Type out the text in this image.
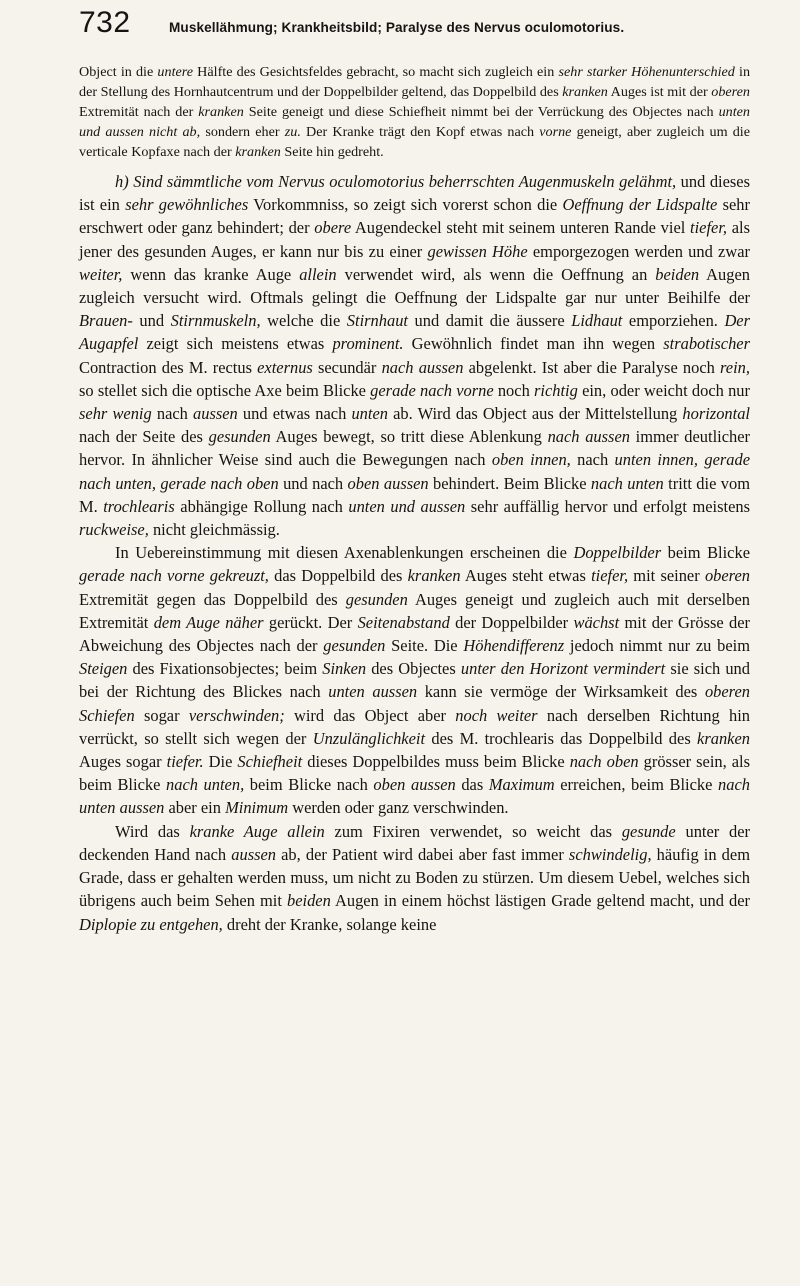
732	Muskellähmung; Krankheitsbild; Paralyse des Nervus oculomotorius.

Object in die untere Hälfte des Gesichtsfeldes gebracht, so macht sich zugleich ein sehr starker Höhenunterschied in der Stellung des Hornhautcentrum und der Doppelbilder geltend, das Doppelbild des kranken Auges ist mit der oberen Extremität nach der kranken Seite geneigt und diese Schiefheit nimmt bei der Verrückung des Objectes nach unten und aussen nicht ab, sondern eher zu. Der Kranke trägt den Kopf etwas nach vorne geneigt, aber zugleich um die verticale Kopfaxe nach der kranken Seite hin gedreht.

h) Sind sämmtliche vom Nervus oculomotorius beherrschten Augenmuskeln gelähmt, und dieses ist ein sehr gewöhnliches Vorkommniss, so zeigt sich vorerst schon die Oeffnung der Lidspalte sehr erschwert oder ganz behindert; der obere Augendeckel steht mit seinem unteren Rande viel tiefer, als jener des gesunden Auges, er kann nur bis zu einer gewissen Höhe emporgezogen werden und zwar weiter, wenn das kranke Auge allein verwendet wird, als wenn die Oeffnung an beiden Augen zugleich versucht wird. Oftmals gelingt die Oeffnung der Lidspalte gar nur unter Beihilfe der Brauen- und Stirnmuskeln, welche die Stirnhaut und damit die äussere Lidhaut emporziehen. Der Augapfel zeigt sich meistens etwas prominent. Gewöhnlich findet man ihn wegen strabotischer Contraction des M. rectus externus secundär nach aussen abgelenkt. Ist aber die Paralyse noch rein, so stellet sich die optische Axe beim Blicke gerade nach vorne noch richtig ein, oder weicht doch nur sehr wenig nach aussen und etwas nach unten ab. Wird das Object aus der Mittelstellung horizontal nach der Seite des gesunden Auges bewegt, so tritt diese Ablenkung nach aussen immer deutlicher hervor. In ähnlicher Weise sind auch die Bewegungen nach oben innen, nach unten innen, gerade nach unten, gerade nach oben und nach oben aussen behindert. Beim Blicke nach unten tritt die vom M. trochlearis abhängige Rollung nach unten und aussen sehr auffällig hervor und erfolgt meistens ruckweise, nicht gleichmässig.

In Uebereinstimmung mit diesen Axenablenkungen erscheinen die Doppelbilder beim Blicke gerade nach vorne gekreuzt, das Doppelbild des kranken Auges steht etwas tiefer, mit seiner oberen Extremität gegen das Doppelbild des gesunden Auges geneigt und zugleich auch mit derselben Extremität dem Auge näher gerückt. Der Seitenabstand der Doppelbilder wächst mit der Grösse der Abweichung des Objectes nach der gesunden Seite. Die Höhendifferenz jedoch nimmt nur zu beim Steigen des Fixationsobjectes; beim Sinken des Objectes unter den Horizont vermindert sie sich und bei der Richtung des Blickes nach unten aussen kann sie vermöge der Wirksamkeit des oberen Schiefen sogar verschwinden; wird das Object aber noch weiter nach derselben Richtung hin verrückt, so stellt sich wegen der Unzulänglichkeit des M. trochlearis das Doppelbild des kranken Auges sogar tiefer. Die Schiefheit dieses Doppelbildes muss beim Blicke nach oben grösser sein, als beim Blicke nach unten, beim Blicke nach oben aussen das Maximum erreichen, beim Blicke nach unten aussen aber ein Minimum werden oder ganz verschwinden.

Wird das kranke Auge allein zum Fixiren verwendet, so weicht das gesunde unter der deckenden Hand nach aussen ab, der Patient wird dabei aber fast immer schwindelig, häufig in dem Grade, dass er gehalten werden muss, um nicht zu Boden zu stürzen. Um diesem Uebel, welches sich übrigens auch beim Sehen mit beiden Augen in einem höchst lästigen Grade geltend macht, und der Diplopie zu entgehen, dreht der Kranke, solange keine
